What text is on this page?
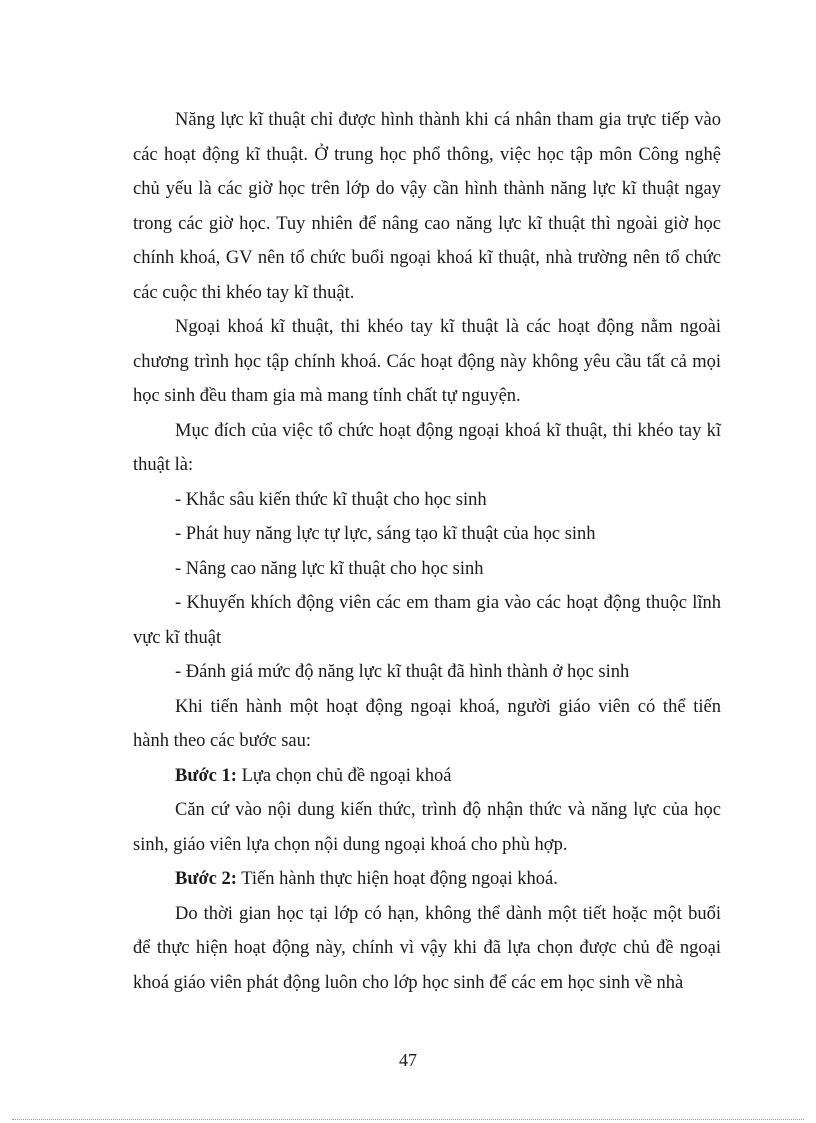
Năng lực kĩ thuật chỉ được hình thành khi cá nhân tham gia trực tiếp vào các hoạt động kĩ thuật. Ở trung học phổ thông, việc học tập môn Công nghệ chủ yếu là các giờ học trên lớp do vậy cần hình thành năng lực kĩ thuật ngay trong các giờ học. Tuy nhiên để nâng cao năng lực kĩ thuật thì ngoài giờ học chính khoá, GV nên tổ chức buổi ngoại khoá kĩ thuật, nhà trường nên tổ chức các cuộc thi khéo tay kĩ thuật.

Ngoại khoá kĩ thuật, thi khéo tay kĩ thuật là các hoạt động nằm ngoài chương trình học tập chính khoá. Các hoạt động này không yêu cầu tất cả mọi học sinh đều tham gia mà mang tính chất tự nguyện.

Mục đích của việc tổ chức hoạt động ngoại khoá kĩ thuật, thi khéo tay kĩ thuật là:

- Khắc sâu kiến thức kĩ thuật cho học sinh

- Phát huy năng lực tự lực, sáng tạo kĩ thuật của học sinh

- Nâng cao năng lực kĩ thuật cho học sinh

- Khuyến khích động viên các em tham gia vào các hoạt động thuộc lĩnh vực kĩ thuật

- Đánh giá mức độ năng lực kĩ thuật đã hình thành ở học sinh

Khi tiến hành một hoạt động ngoại khoá, người giáo viên có thể tiến hành theo các bước sau:

Bước 1: Lựa chọn chủ đề ngoại khoá

Căn cứ vào nội dung kiến thức, trình độ nhận thức và năng lực của học sinh, giáo viên lựa chọn nội dung ngoại khoá cho phù hợp.

Bước 2: Tiến hành thực hiện hoạt động ngoại khoá.

Do thời gian học tại lớp có hạn, không thể dành một tiết hoặc một buổi để thực hiện hoạt động này, chính vì vậy khi đã lựa chọn được chủ đề ngoại khoá giáo viên phát động luôn cho lớp học sinh để các em học sinh về nhà

47
